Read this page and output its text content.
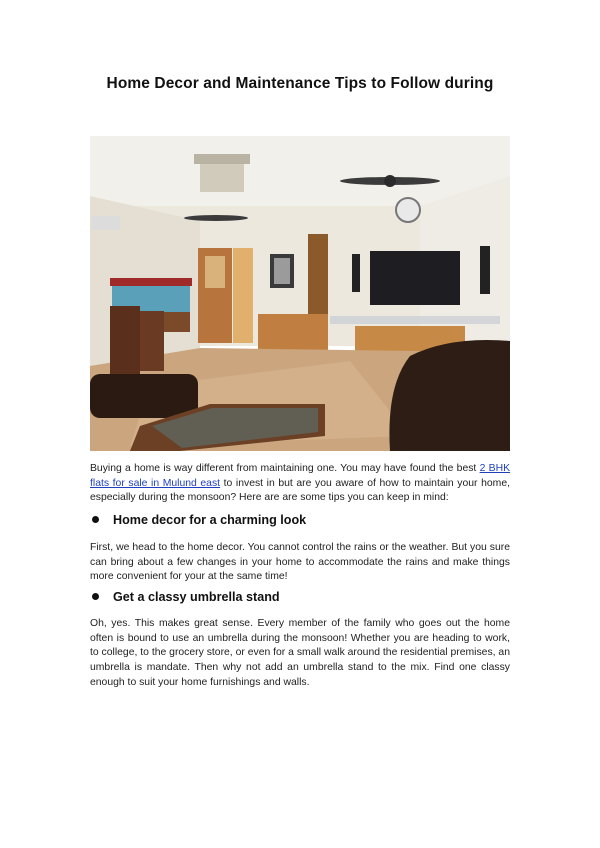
Home Decor and Maintenance Tips to Follow during

Buying a home is way different from maintaining one. You may have found the best 2 BHK flats for sale in Mulund east to invest in but are you aware of how to maintain your home, especially during the monsoon? Here are are some tips you can keep in mind:

Home decor for a charming look

First, we head to the home decor. You cannot control the rains or the weather. But you sure can bring about a few changes in your home to accommodate the rains and make things more convenient for your at the same time!

Get a classy umbrella stand

Oh, yes. This makes great sense. Every member of the family who goes out the home often is bound to use an umbrella during the monsoon! Whether you are heading to work, to college, to the grocery store, or even for a small walk around the residential premises, an umbrella is mandate. Then why not add an umbrella stand to the mix. Find one classy enough to suit your home furnishings and walls.
